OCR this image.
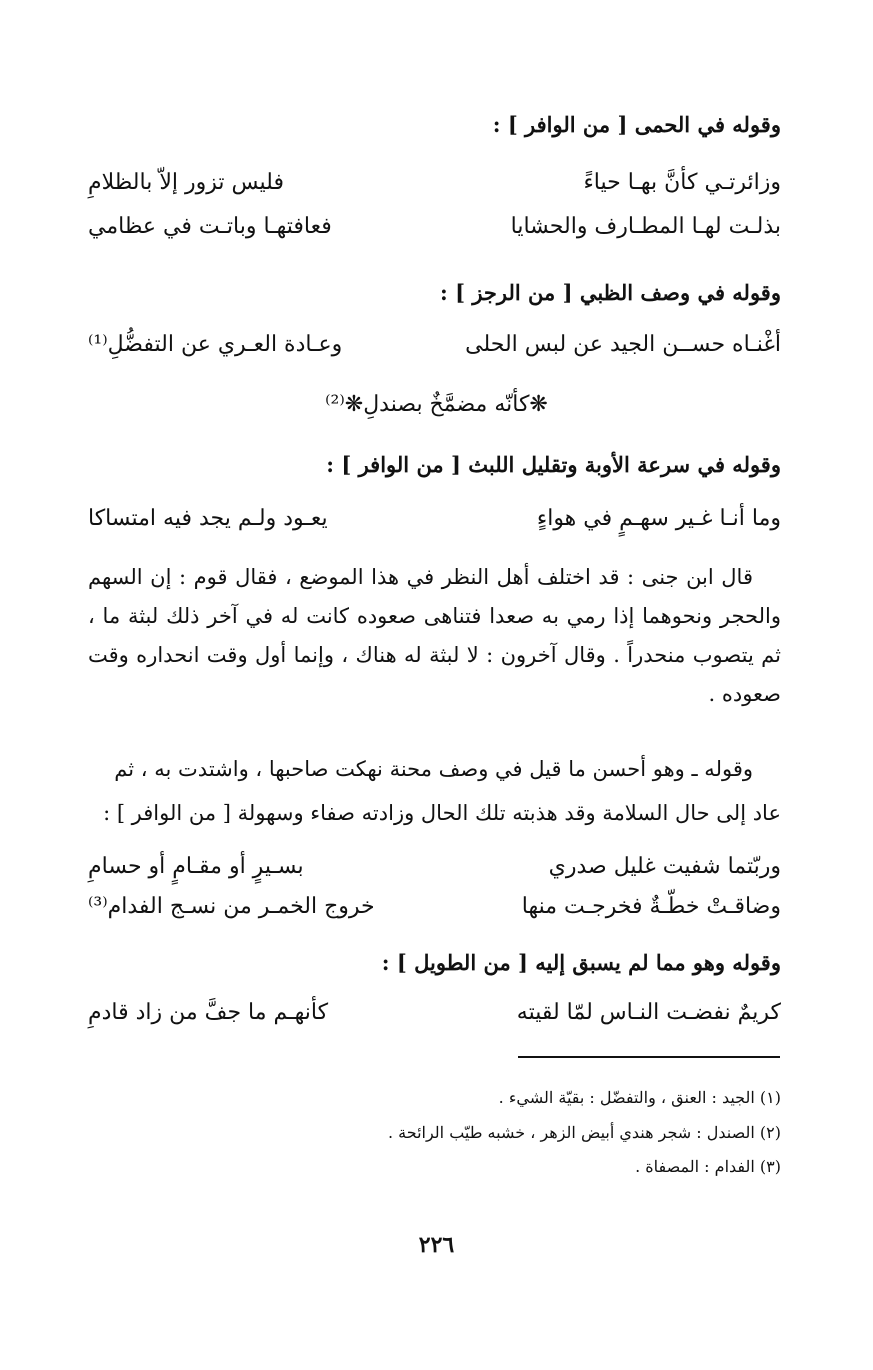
وقوله في الحمى [ من الوافر ] :
وزائرتـي كأنَّ بهـا حياءً
فليس تزور إلاّ بالظلامِ
بذلـت لهـا المطـارف والحشايا
فعافتهـا وباتـت في عظامي
وقوله في وصف الظبي [ من الرجز ] :
أغْنـاه حســن الجيد عن لبس الحلى
وعـادة العـري عن التفضُّلِ⁽¹⁾
❋كأنّه مضمَّخٌ بصندلِ❋⁽²⁾
وقوله في سرعة الأوبة وتقليل اللبث [ من الوافر ] :
وما أنـا غـير سهـمٍ في هواءٍ
يعـود ولـم يجد فيه امتساكا

قال ابن جنى : قد اختلف أهل النظر في هذا الموضع ، فقال قوم : إن السهم والحجر ونحوهما إذا رمي به صعدا فتناهى صعوده كانت له في آخر ذلك لبثة ما ، ثم يتصوب منحدراً . وقال آخرون : لا لبثة له هناك ، وإنما أول وقت انحداره وقت صعوده .

وقوله ـ وهو أحسن ما قيل في وصف محنة نهكت صاحبها ، واشتدت به ، ثم

عاد إلى حال السلامة وقد هذبته تلك الحال وزادته صفاء وسهولة [ من الوافر ] :
وربّتما شفيت غليل صدري
بسـيرٍ أو مقـامٍ أو حسامِ
وضاقـتْ خطّـةٌ فخرجـت منها
خروج الخمـر من نسـج الفدام⁽³⁾
وقوله وهو مما لم يسبق إليه [ من الطويل ] :
كريمٌ نفضـت النـاس لمّا لقيته
كأنهـم ما جفَّ من زاد قادمِ
(١) الجيد : العنق ، والتفضّل : بقيّة الشيء .
(٢) الصندل : شجر هندي أبيض الزهر ، خشبه طيّب الرائحة .
(٣) الفدام : المصفاة .
٢٢٦
